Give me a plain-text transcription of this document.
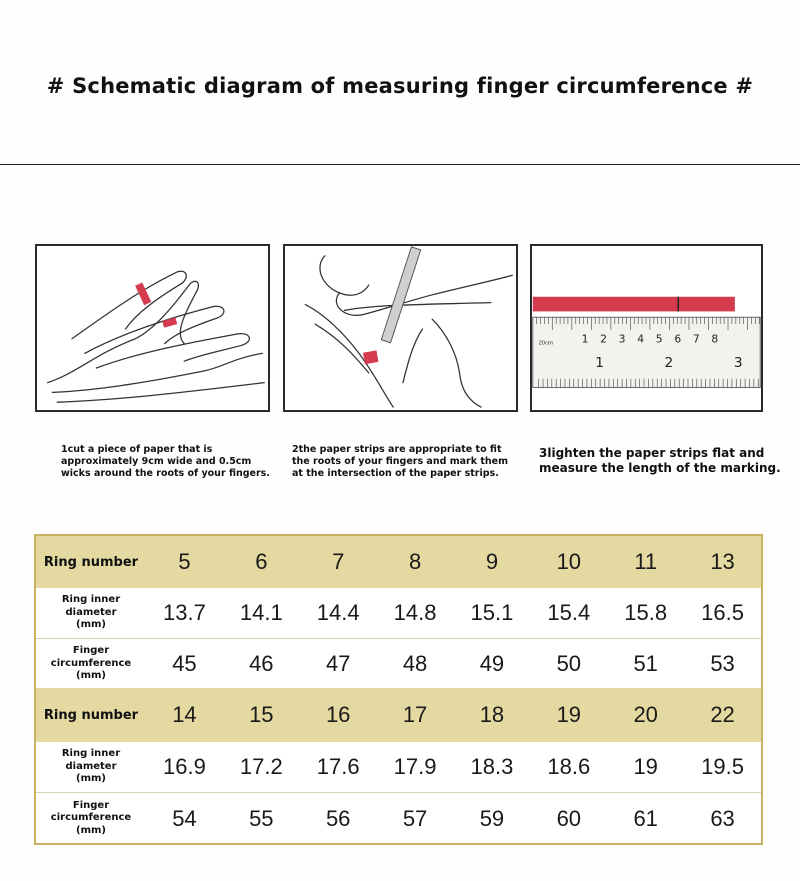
# Schematic diagram of measuring finger circumference #
1 2 3 4 5 6 7 8
1	2	3
20cm
1cut a piece of paper that is approximately 9cm wide and 0.5cm wicks around the roots of your fingers.
2the paper strips are appropriate to fit the roots of your fingers and mark them at the intersection of the paper strips.
3lighten the paper strips flat and measure the length of the marking.
Ring number	5	6	7	8	9	10	11	13
Ring inner
diameter
(mm)	13.7	14.1	14.4	14.8	15.1	15.4	15.8	16.5
Finger
circumference
(mm)	45	46	47	48	49	50	51	53
Ring number	14	15	16	17	18	19	20	22
Ring inner
diameter
(mm)	16.9	17.2	17.6	17.9	18.3	18.6	19	19.5
Finger
circumference
(mm)	54	55	56	57	59	60	61	63
